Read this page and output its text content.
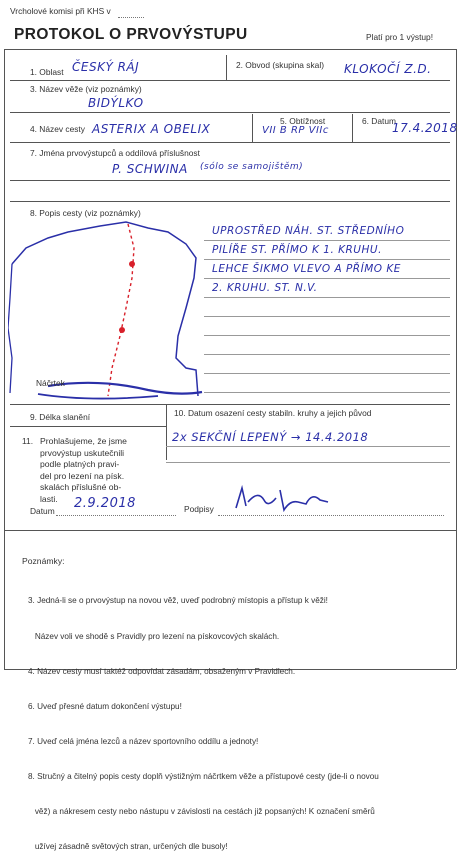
Vrcholové komisi při KHS v
PROTOKOL O PRVOVÝSTUPU	Platí pro 1 výstup!
1. Oblast ČESKÝ RÁJ	2. Obvod (skupina skal) KLOKOČÍ Z.D.
3. Název věže (viz poznámky)
BIDÝLKO
4. Název cesty ASTERIX A OBELIX
5. Obtížnost
VII B RP VIIc
6. Datum
17.4.2018
7. Jména prvovýstupců a oddílová příslušnost
P. SCHWINA (sólo se samojištěm)
8. Popis cesty (viz poznámky)
UPROSTŘED NÁH. ST. STŘEDNÍHO
PILÍŘE ST. PŘÍMO K 1. KRUHU.
LEHCE ŠIKMO VLEVO A PŘÍMO KE
2. KRUHU. ST. N.V.
Náčrtek
9. Délka slanění	10. Datum osazení cesty stabiln. kruhy a jejich původ
2x SEKČNÍ LEPENÝ → 14.4.2018
11. Prohlašujeme, že jsme
prvovýstup uskutečnili
podle platných pravi-
del pro lezení na písk.
skalách příslušné ob-
lasti.
Datum 2.9.2018	Podpisy
Poznámky:

3. Jedná-li se o prvovýstup na novou věž, uveď podrobný místopis a přístup k věži!

Název voli ve shodě s Pravidly pro lezení na pískovcových skalách.

4. Název cesty musí taktéž odpovídat zásadám, obsaženým v Pravidlech.

6. Uveď přesné datum dokončení výstupu!

7. Uveď celá jména lezců a název sportovního oddílu a jednoty!

8. Stručný a čitelný popis cesty doplň výstižným náčrtkem věže a přístupové cesty (jde-li o novou

věž) a nákresem cesty nebo nástupu v závislosti na cestách již popsaných! K označení směrů

užívej zásadně světových stran, určených dle busoly!
